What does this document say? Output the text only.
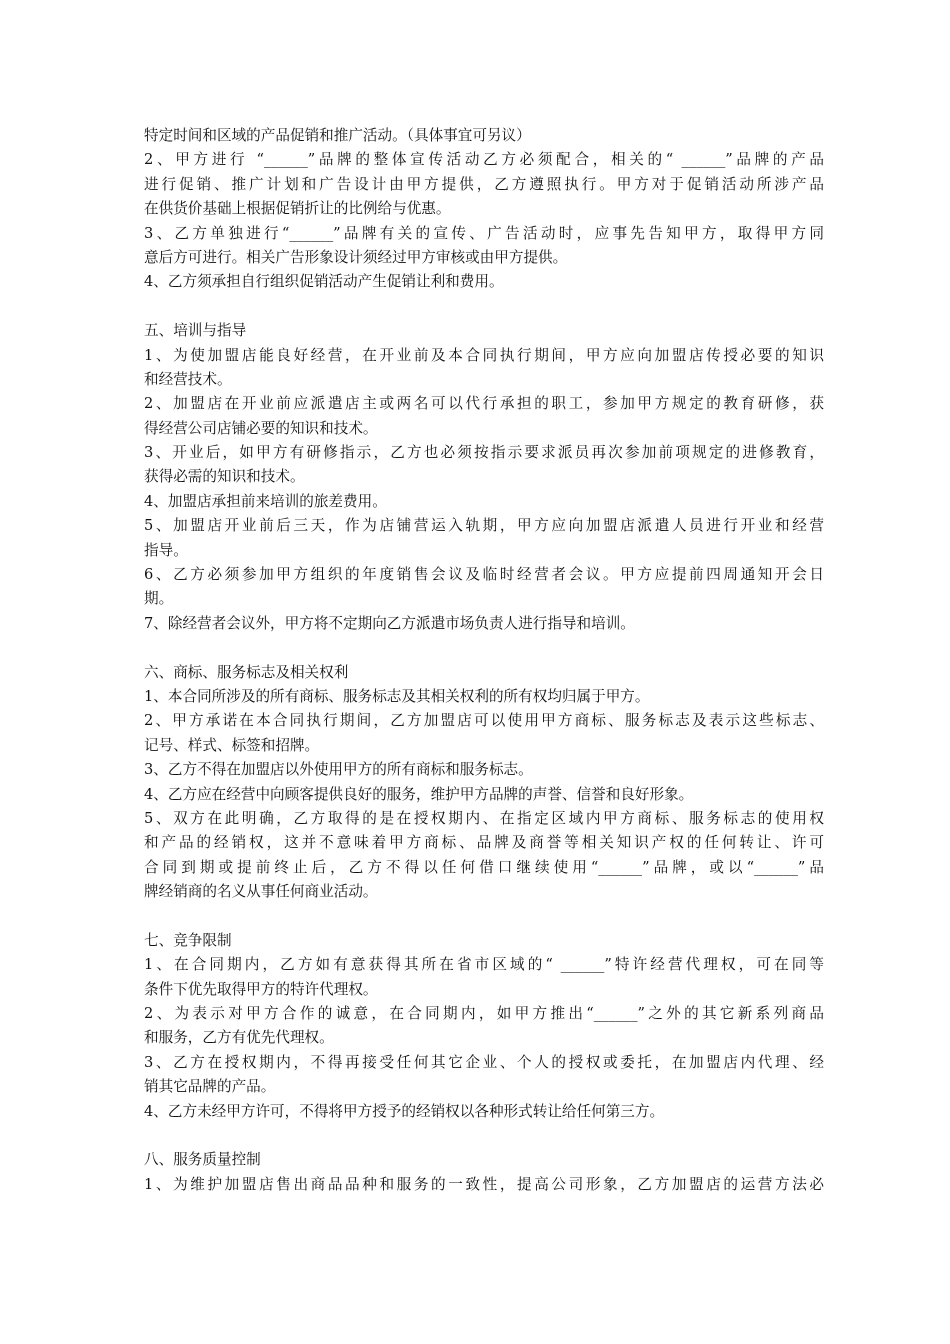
特定时间和区域的产品促销和推广活动。（具体事宜可另议）
2、甲方进行 “______”品牌的整体宣传活动乙方必须配合，相关的“ ______”品牌的产品
进行促销、推广计划和广告设计由甲方提供，乙方遵照执行。甲方对于促销活动所涉产品
在供货价基础上根据促销折让的比例给与优惠。
3、乙方单独进行“______”品牌有关的宣传、广告活动时，应事先告知甲方，取得甲方同
意后方可进行。相关广告形象设计须经过甲方审核或由甲方提供。
4、乙方须承担自行组织促销活动产生促销让利和费用。
五、培训与指导
1、为使加盟店能良好经营，在开业前及本合同执行期间，甲方应向加盟店传授必要的知识
和经营技术。
2、加盟店在开业前应派遣店主或两名可以代行承担的职工，参加甲方规定的教育研修，获
得经营公司店铺必要的知识和技术。
3、开业后，如甲方有研修指示，乙方也必须按指示要求派员再次参加前项规定的进修教育，
获得必需的知识和技术。
4、加盟店承担前来培训的旅差费用。
5、加盟店开业前后三天，作为店铺营运入轨期，甲方应向加盟店派遣人员进行开业和经营
指导。
6、乙方必须参加甲方组织的年度销售会议及临时经营者会议。甲方应提前四周通知开会日
期。
7、除经营者会议外，甲方将不定期向乙方派遣市场负责人进行指导和培训。
六、商标、服务标志及相关权利
1、本合同所涉及的所有商标、服务标志及其相关权利的所有权均归属于甲方。
2、甲方承诺在本合同执行期间，乙方加盟店可以使用甲方商标、服务标志及表示这些标志、
记号、样式、标签和招牌。
3、乙方不得在加盟店以外使用甲方的所有商标和服务标志。
4、乙方应在经营中向顾客提供良好的服务，维护甲方品牌的声誉、信誉和良好形象。
5、双方在此明确，乙方取得的是在授权期内、在指定区域内甲方商标、服务标志的使用权
和产品的经销权，这并不意味着甲方商标、品牌及商誉等相关知识产权的任何转让、许可
合同到期或提前终止后，乙方不得以任何借口继续使用“______”品牌，或以“______”品
牌经销商的名义从事任何商业活动。
七、竞争限制
1、在合同期内，乙方如有意获得其所在省市区域的“ ______”特许经营代理权，可在同等
条件下优先取得甲方的特许代理权。
2、为表示对甲方合作的诚意，在合同期内，如甲方推出“______”之外的其它新系列商品
和服务，乙方有优先代理权。
3、乙方在授权期内，不得再接受任何其它企业、个人的授权或委托，在加盟店内代理、经
销其它品牌的产品。
4、乙方未经甲方许可，不得将甲方授予的经销权以各种形式转让给任何第三方。
八、服务质量控制
1、为维护加盟店售出商品品种和服务的一致性，提高公司形象，乙方加盟店的运营方法必
